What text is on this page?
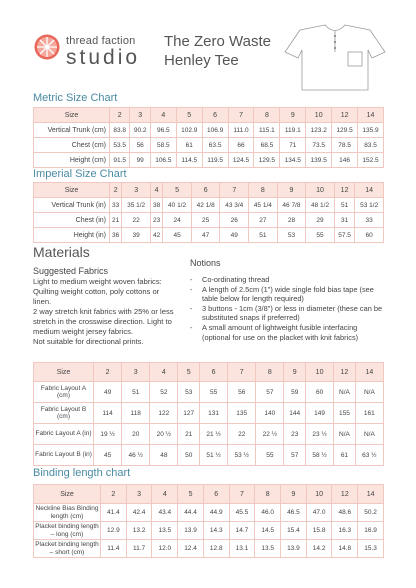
thread faction
studio
The Zero Waste
Henley Tee
Metric Size Chart
Size	2	3	4	5	6	7	8	9	10	12	14
Vertical Trunk (cm)	83.8	90.2	96.5	102.9	106.9	111.0	115.1	119.1	123.2	129.5	135.9
Chest (cm)	53.5	56	58.5	61	63.5	66	68.5	71	73.5	78.5	83.5
Height (cm)	91.5	99	106.5	114.5	119.5	124.5	129.5	134.5	139.5	146	152.5
Imperial Size Chart
Size	2	3	4	5	6	7	8	9	10	12	14
Vertical Trunk (in)	33	35 1/2	38	40 1/2	42 1/8	43 3/4	45 1/4	46 7/8	48 1/2	51	53 1/2
Chest (in)	21	22	23	24	25	26	27	28	29	31	33
Height (in)	36	39	42	45	47	49	51	53	55	57.5	60
Materials
Suggested Fabrics
Light to medium weight woven fabrics:
Quilting weight cotton, poly cottons or
linen.
2 way stretch knit fabrics with 25% or less
stretch in the crosswise direction. Light to
medium weight jersey fabrics.
Not suitable for directional prints.
Notions
- Co-ordinating thread
- A length of 2.5cm (1") wide single fold bias tape (see table below for length required)
- 3 buttons - 1cm (3/8") or less in diameter (these can be substituted snaps if preferred)
- A small amount of lightweight fusible interfacing (optional for use on the placket with knit fabrics)
Size	2	3	4	5	6	7	8	9	10	12	14
Fabric Layout A (cm)	49	51	52	53	55	56	57	59	60	N/A	N/A
Fabric Layout B (cm)	114	118	122	127	131	135	140	144	149	155	161
Fabric Layout A (in)	19 ½	20	20 ½	21	21 ½	22	22 ½	23	23 ½	N/A	N/A
Fabric Layout B (in)	45	46 ½	48	50	51 ½	53 ½	55	57	58 ½	61	63 ½
Binding length chart
Size	2	3	4	5	6	7	8	9	10	12	14
Neckline Bias Binding length (cm)	41.4	42.4	43.4	44.4	44.9	45.5	46.0	46.5	47.0	48.6	50.2
Placket binding length – long (cm)	12.9	13.2	13.5	13.9	14.3	14.7	14.5	15.4	15.8	16.3	16.9
Placket binding length – short (cm)	11.4	11.7	12.0	12.4	12.8	13.1	13.5	13.9	14.2	14.8	15.3
